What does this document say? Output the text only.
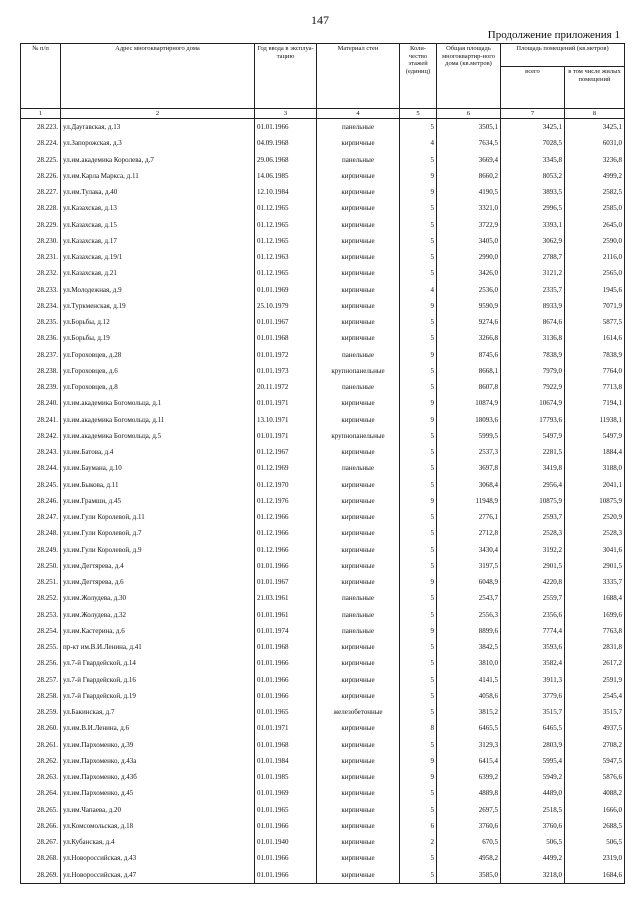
147
Продолжение приложения 1
№ п/п	Адрес многоквартирного дома	Год ввода в эксплуа-тацию	Материал стен	Коли-чество этажей (единиц)	Общая площадь многоквартир-ного дома (кв.метров)	Площадь помещений (кв.метров)	
						всего	в том числе жилых помещений
1	2	3	4	5	6	7	8
28.223.	ул.Даугавская, д.13	01.01.1966	панельные	5	3505,1	3425,1	3425,1
28.224.	ул.Запорожская, д.3	04.09.1968	кирпичные	4	7634,5	7028,5	6031,0
28.225.	ул.им.академика Королева, д.7	29.06.1968	панельные	5	3669,4	3345,8	3236,8
28.226.	ул.им.Карла Маркса, д.11	14.06.1985	кирпичные	9	8660,2	8053,2	4999,2
28.227.	ул.им.Тулака, д.40	12.10.1984	кирпичные	9	4190,5	3893,5	2582,5
28.228.	ул.Казахская, д.13	01.12.1965	кирпичные	5	3321,0	2996,5	2585,0
28.229.	ул.Казахская, д.15	01.12.1965	кирпичные	5	3722,9	3393,1	2645,0
28.230.	ул.Казахская, д.17	01.12.1965	кирпичные	5	3405,0	3062,9	2590,0
28.231.	ул.Казахская, д.19/1	01.12.1963	кирпичные	5	2990,0	2788,7	2116,0
28.232.	ул.Казахская, д.21	01.12.1965	кирпичные	5	3426,0	3121,2	2565,0
28.233.	ул.Молодежная, д.9	01.01.1969	кирпичные	4	2536,0	2335,7	1945,6
28.234.	ул.Туркменская, д.19	25.10.1979	кирпичные	9	9590,9	8933,9	7071,9
28.235.	ул.Борьбы, д.12	01.01.1967	кирпичные	5	9274,6	8674,6	5877,5
28.236.	ул.Борьбы, д.19	01.01.1968	кирпичные	5	3266,8	3136,8	1614,6
28.237.	ул.Гороховцев, д.28	01.01.1972	панельные	9	8745,6	7838,9	7838,9
28.238.	ул.Гороховцев, д.6	01.01.1973	крупнопанельные	5	8668,1	7979,0	7764,0
28.239.	ул.Гороховцев, д.8	20.11.1972	панельные	5	8607,8	7922,9	7713,8
28.240.	ул.им.академика Богомольца, д.1	01.01.1971	кирпичные	9	10874,9	10674,9	7194,1
28.241.	ул.им.академика Богомольца, д.11	13.10.1971	кирпичные	9	18093,6	17793,6	11938,1
28.242.	ул.им.академика Богомольца, д.5	01.01.1971	крупнопанельные	5	5999,5	5497,9	5497,9
28.243.	ул.им.Батова, д.4	01.12.1967	кирпичные	5	2537,3	2281,5	1884,4
28.244.	ул.им.Баумана, д.10	01.12.1969	панельные	5	3697,8	3419,8	3188,0
28.245.	ул.им.Быкова, д.11	01.12.1970	кирпичные	5	3068,4	2956,4	2041,1
28.246.	ул.им.Грамши, д.45	01.12.1976	кирпичные	9	11948,9	10875,9	10875,9
28.247.	ул.им.Гули Королевой, д.11	01.12.1966	кирпичные	5	2776,1	2593,7	2520,9
28.248.	ул.им.Гули Королевой, д.7	01.12.1966	кирпичные	5	2712,8	2528,3	2528,3
28.249.	ул.им.Гули Королевой, д.9	01.12.1966	кирпичные	5	3430,4	3192,2	3041,6
28.250.	ул.им.Дегтярева, д.4	01.01.1966	кирпичные	5	3197,5	2901,5	2901,5
28.251.	ул.им.Дегтярева, д.6	01.01.1967	кирпичные	9	6048,9	4220,8	3335,7
28.252.	ул.им.Жолудева, д.30	21.03.1961	панельные	5	2543,7	2559,7	1688,4
28.253.	ул.им.Жолудева, д.32	01.01.1961	панельные	5	2556,3	2356,6	1699,6
28.254.	ул.им.Кастерина, д.6	01.01.1974	панельные	9	8899,6	7774,4	7763,8
28.255.	пр-кт им.В.И.Ленина, д.41	01.01.1968	кирпичные	5	3842,5	3593,6	2831,8
28.256.	ул.7-й Гвардейской, д.14	01.01.1966	кирпичные	5	3810,0	3582,4	2617,2
28.257.	ул.7-й Гвардейской, д.16	01.01.1966	кирпичные	5	4141,5	3911,3	2591,9
28.258.	ул.7-й Гвардейской, д.19	01.01.1966	кирпичные	5	4058,6	3779,6	2545,4
28.259.	ул.Бакинская, д.7	01.01.1965	железобетонные	5	3815,2	3515,7	3515,7
28.260.	ул.им.В.И.Ленина, д.6	01.01.1971	кирпичные	8	6465,5	6465,5	4937,5
28.261.	ул.им.Пархоменко, д.39	01.01.1968	кирпичные	5	3129,3	2803,9	2708,2
28.262.	ул.им.Пархоменко, д.43а	01.01.1984	кирпичные	9	6415,4	5995,4	5947,5
28.263.	ул.им.Пархоменко, д.43б	01.01.1985	кирпичные	9	6399,2	5949,2	5876,6
28.264.	ул.им.Пархоменко, д.45	01.01.1969	кирпичные	5	4889,8	4489,0	4088,2
28.265.	ул.им.Чапаева, д.20	01.01.1965	кирпичные	5	2697,5	2518,5	1666,0
28.266.	ул.Комсомольская, д.18	01.01.1966	кирпичные	6	3760,6	3760,6	2688,5
28.267.	ул.Кубанская, д.4	01.01.1940	кирпичные	2	670,5	506,5	506,5
28.268.	ул.Новороссийская, д.43	01.01.1966	кирпичные	5	4958,2	4499,2	2319,0
28.269.	ул.Новороссийская, д.47	01.01.1966	кирпичные	5	3585,0	3218,0	1684,6
